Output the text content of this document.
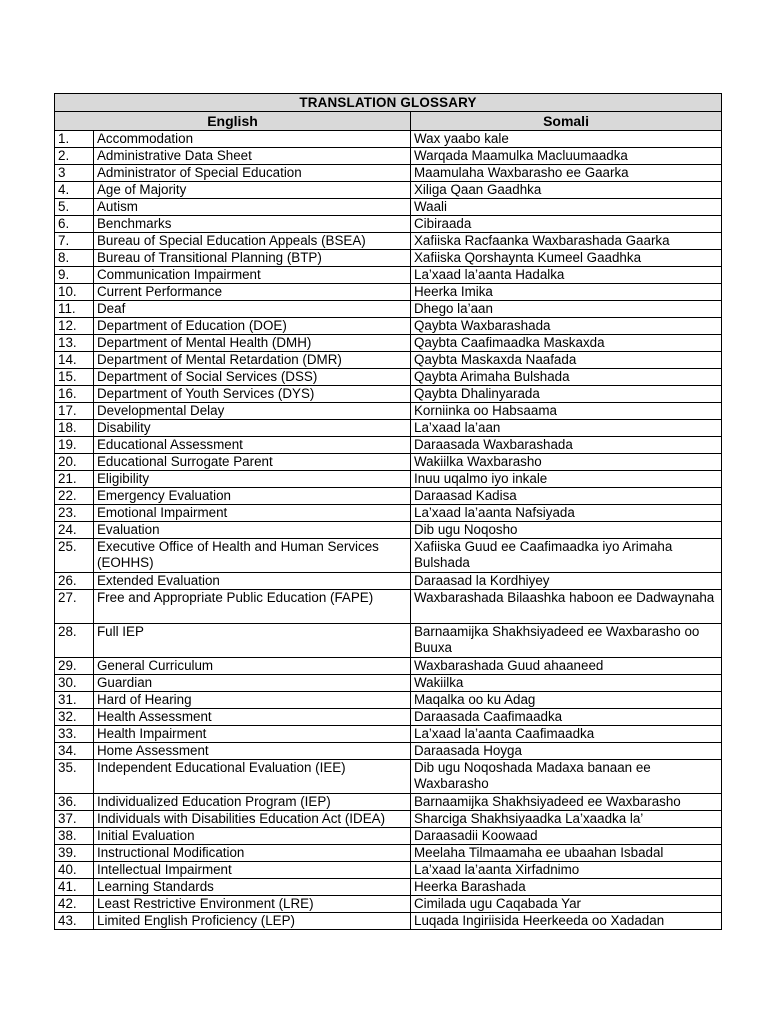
TRANSLATION GLOSSARY		
English		Somali
1.	Accommodation	Wax yaabo kale
2.	Administrative Data Sheet	Warqada Maamulka Macluumaadka
3	Administrator of Special Education	Maamulaha Waxbarasho ee Gaarka
4.	Age of Majority	Xiliga Qaan Gaadhka
5.	Autism	Waali
6.	Benchmarks	Cibiraada
7.	Bureau of Special Education Appeals (BSEA)	Xafiiska Racfaanka Waxbarashada Gaarka
8.	Bureau of Transitional Planning (BTP)	Xafiiska Qorshaynta Kumeel Gaadhka
9.	Communication Impairment	La’xaad la’aanta Hadalka
10.	Current Performance	Heerka Imika
11.	Deaf	Dhego la’aan
12.	Department of Education (DOE)	Qaybta Waxbarashada
13.	Department of Mental Health (DMH)	Qaybta Caafimaadka Maskaxda
14.	Department of Mental Retardation (DMR)	Qaybta Maskaxda Naafada
15.	Department of Social Services (DSS)	Qaybta Arimaha Bulshada
16.	Department of Youth Services (DYS)	Qaybta Dhalinyarada
17.	Developmental Delay	Korniinka oo Habsaama
18.	Disability	La’xaad la’aan
19.	Educational Assessment	Daraasada Waxbarashada
20.	Educational Surrogate Parent	Wakiilka Waxbarasho
21.	Eligibility	Inuu uqalmo iyo inkale
22.	Emergency Evaluation	Daraasad Kadisa
23.	Emotional Impairment	La’xaad la’aanta Nafsiyada
24.	Evaluation	Dib ugu Noqosho
25.	Executive Office of Health and Human Services (EOHHS)	Xafiiska Guud ee Caafimaadka iyo Arimaha Bulshada
26.	Extended Evaluation	Daraasad la Kordhiyey
27.	Free and Appropriate Public Education (FAPE)	Waxbarashada Bilaashka haboon ee Dadwaynaha
28.	Full IEP	Barnaamijka Shakhsiyadeed ee Waxbarasho oo Buuxa
29.	General Curriculum	Waxbarashada Guud ahaaneed
30.	Guardian	Wakiilka
31.	Hard of Hearing	Maqalka oo ku Adag
32.	Health Assessment	Daraasada Caafimaadka
33.	Health Impairment	La’xaad la’aanta Caafimaadka
34.	Home Assessment	Daraasada Hoyga
35.	Independent Educational Evaluation (IEE)	Dib ugu Noqoshada Madaxa banaan ee Waxbarasho
36.	Individualized Education Program (IEP)	Barnaamijka Shakhsiyadeed ee Waxbarasho
37.	Individuals with Disabilities Education Act (IDEA)	Sharciga Shakhsiyaadka La’xaadka la’
38.	Initial Evaluation	Daraasadii Koowaad
39.	Instructional Modification	Meelaha Tilmaamaha ee ubaahan Isbadal
40.	Intellectual Impairment	La’xaad la’aanta Xirfadnimo
41.	Learning Standards	Heerka Barashada
42.	Least Restrictive Environment (LRE)	Cimilada ugu Caqabada Yar
43.	Limited English Proficiency (LEP)	Luqada Ingiriisida Heerkeeda oo Xadadan
